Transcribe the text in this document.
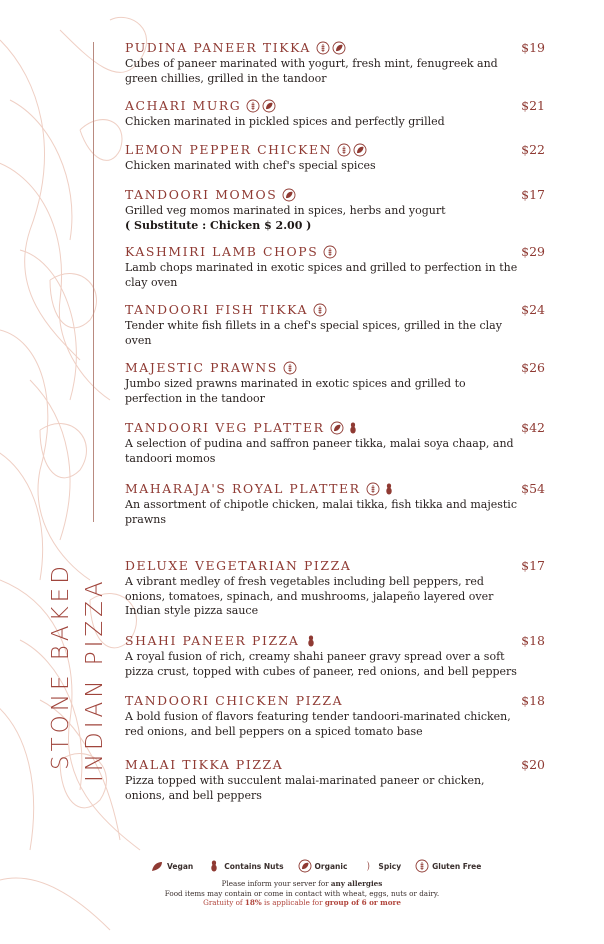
STONE BAKED INDIAN PIZZA
PUDINA PANEER TIKKA	$19
Cubes of paneer marinated with yogurt, fresh mint, fenugreek and green chillies, grilled in the tandoor
ACHARI MURG	$21
Chicken marinated in pickled spices and perfectly grilled
LEMON PEPPER CHICKEN	$22
Chicken marinated with chef's special spices
TANDOORI MOMOS	$17
Grilled veg momos marinated in spices, herbs and yogurt
( Substitute : Chicken $ 2.00 )
KASHMIRI LAMB CHOPS	$29
Lamb chops marinated in exotic spices and grilled to perfection in the clay oven
TANDOORI FISH TIKKA	$24
Tender white fish fillets in a chef's special spices, grilled in the clay oven
MAJESTIC PRAWNS	$26
Jumbo sized prawns marinated in exotic spices and grilled to perfection in the tandoor
TANDOORI VEG PLATTER	$42
A selection of pudina and saffron paneer tikka, malai soya chaap, and tandoori momos
MAHARAJA'S ROYAL PLATTER	$54
An assortment of chipotle chicken, malai tikka, fish tikka and majestic prawns
DELUXE VEGETARIAN PIZZA	$17
A vibrant medley of fresh vegetables including bell peppers, red onions, tomatoes, spinach, and mushrooms, jalapeño layered over Indian style pizza sauce
SHAHI PANEER PIZZA	$18
A royal fusion of rich, creamy shahi paneer gravy spread over a soft pizza crust, topped with cubes of paneer, red onions, and bell peppers
TANDOORI CHICKEN PIZZA	$18
A bold fusion of flavors featuring tender tandoori-marinated chicken, red onions, and bell peppers on a spiced tomato base
MALAI TIKKA PIZZA	$20
Pizza topped with succulent malai-marinated paneer or chicken, onions, and bell peppers
Vegan	Contains Nuts	Organic	Spicy	Gluten Free
Please inform your server for any allergies
Food items may contain or come in contact with wheat, eggs, nuts or dairy.
Gratuity of 18% is applicable for group of 6 or more
